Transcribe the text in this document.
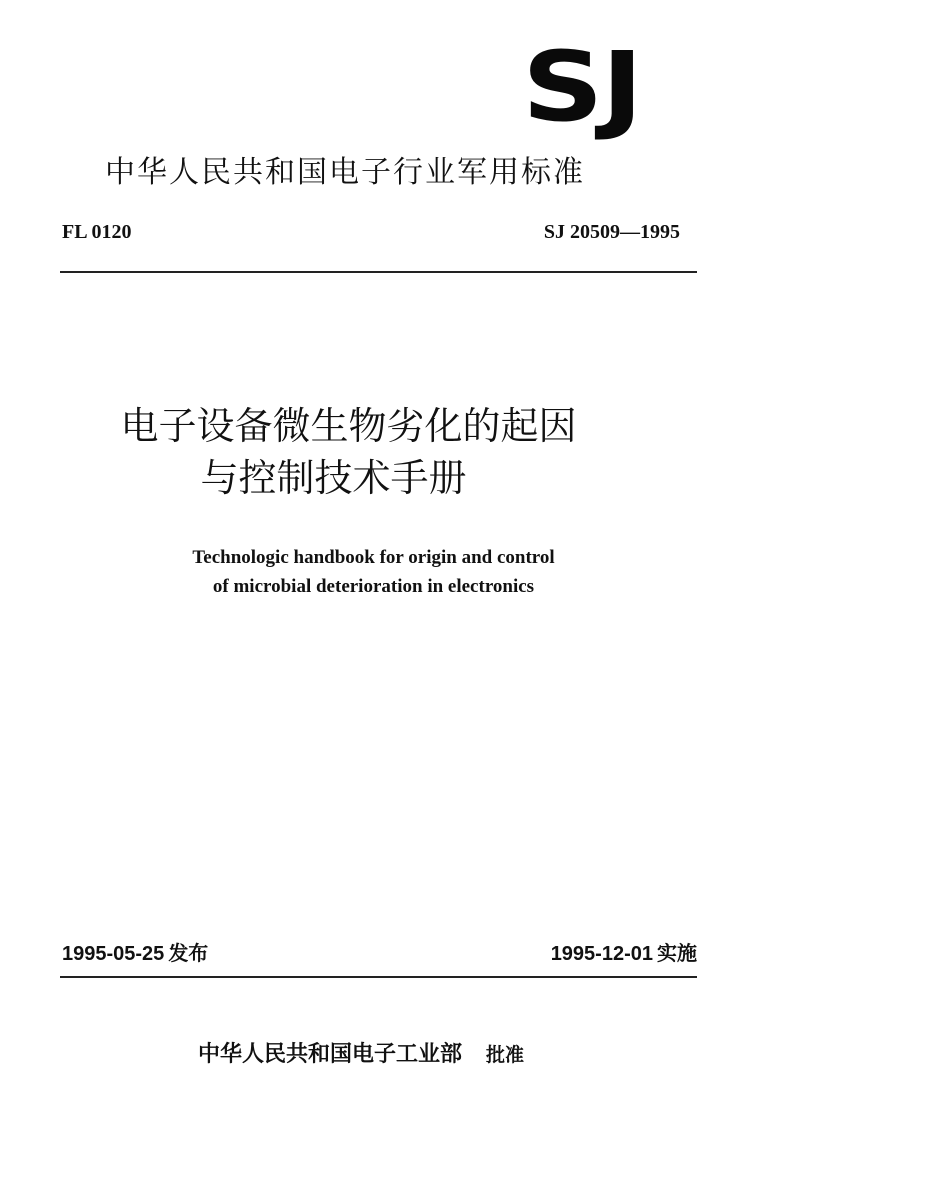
SJ
中华人民共和国电子行业军用标准
FL 0120	SJ 20509—1995
电子设备微生物劣化的起因
与控制技术手册
Technologic handbook for origin and control
of microbial deterioration in electronics
1995-05-25 发布	1995-12-01 实施
中华人民共和国电子工业部 批准
